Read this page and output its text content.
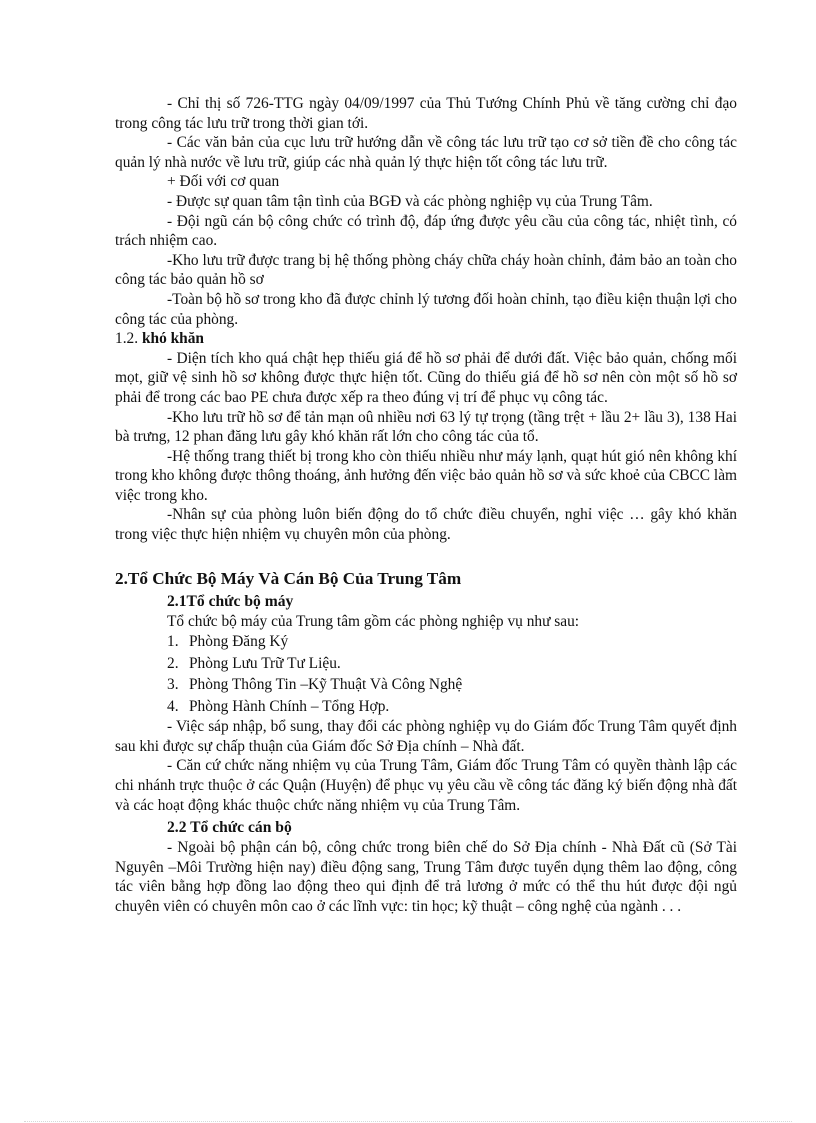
- Chỉ thị số 726-TTG ngày 04/09/1997 của Thủ Tướng Chính Phủ về tăng cường chỉ đạo trong công tác lưu trữ trong thời gian tới.

- Các văn bản của cục lưu trữ hướng dẫn về công tác lưu trữ tạo cơ sở tiền đề cho công tác quản lý nhà nước về lưu trữ, giúp các nhà quản lý thực hiện tốt công tác lưu trữ.

+ Đối với cơ quan

- Được sự quan tâm tận tình của BGĐ và các phòng nghiệp vụ của Trung Tâm.

- Đội ngũ cán bộ công chức có trình độ, đáp ứng được yêu cầu của công tác, nhiệt tình, có trách nhiệm cao.

-Kho lưu trữ được trang bị hệ thống phòng cháy chữa cháy hoàn chỉnh, đảm bảo an toàn cho công tác bảo quản hồ sơ

-Toàn bộ hồ sơ trong kho đã được chỉnh lý tương đối hoàn chỉnh, tạo điều kiện thuận lợi cho công tác của phòng.

1.2. khó khăn

- Diện tích kho quá chật hẹp thiếu giá để hồ sơ phải để dưới đất. Việc bảo quản, chống mối mọt, giữ vệ sinh hồ sơ không được thực hiện tốt. Cũng do thiếu giá để hồ sơ nên còn một số hồ sơ phải để trong các bao PE chưa được xếp ra theo đúng vị trí để phục vụ công tác.

-Kho lưu trữ hồ sơ để tản mạn oû nhiều nơi 63 lý tự trọng (tầng trệt + lầu 2+ lầu 3), 138 Hai bà trưng, 12 phan đăng lưu gây khó khăn rất lớn cho công tác của tổ.

-Hệ thống trang thiết bị trong kho còn thiếu nhiều như máy lạnh, quạt hút gió nên không khí trong kho không được thông thoáng, ảnh hưởng đến việc bảo quản hồ sơ và sức khoẻ của CBCC làm việc trong kho.

-Nhân sự của phòng luôn biến động do tổ chức điều chuyển, nghỉ việc … gây khó khăn trong việc thực hiện nhiệm vụ chuyên môn của phòng.

2.Tổ Chức Bộ Máy Và Cán Bộ Của Trung Tâm
2.1Tổ chức bộ máy

Tổ chức bộ máy của Trung tâm gồm các phòng nghiệp vụ như sau:

1. Phòng Đăng Ký
2. Phòng Lưu Trữ Tư Liệu.
3. Phòng Thông Tin –Kỹ Thuật Và Công Nghệ
4. Phòng Hành Chính – Tổng Hợp.

- Việc sáp nhập, bổ sung, thay đổi các phòng nghiệp vụ do Giám đốc Trung Tâm quyết định sau khi được sự chấp thuận của Giám đốc Sở Địa chính – Nhà đất.

- Căn cứ chức năng nhiệm vụ của Trung Tâm, Giám đốc Trung Tâm có quyền thành lập các chi nhánh trực thuộc ở các Quận (Huyện) để phục vụ yêu cầu về công tác đăng ký biến động nhà đất và các hoạt động khác thuộc chức năng nhiệm vụ của Trung Tâm.

2.2 Tổ chức cán bộ

- Ngoài bộ phận cán bộ, công chức trong biên chế do Sở Địa chính - Nhà Đất cũ (Sở Tài Nguyên –Môi Trường hiện nay) điều động sang, Trung Tâm được tuyển dụng thêm lao động, công tác viên bằng hợp đồng lao động theo qui định để trả lương ở mức có thể thu hút được đội ngủ chuyên viên có chuyên môn cao ở các lĩnh vực: tin học; kỹ thuật – công nghệ của ngành . . .
